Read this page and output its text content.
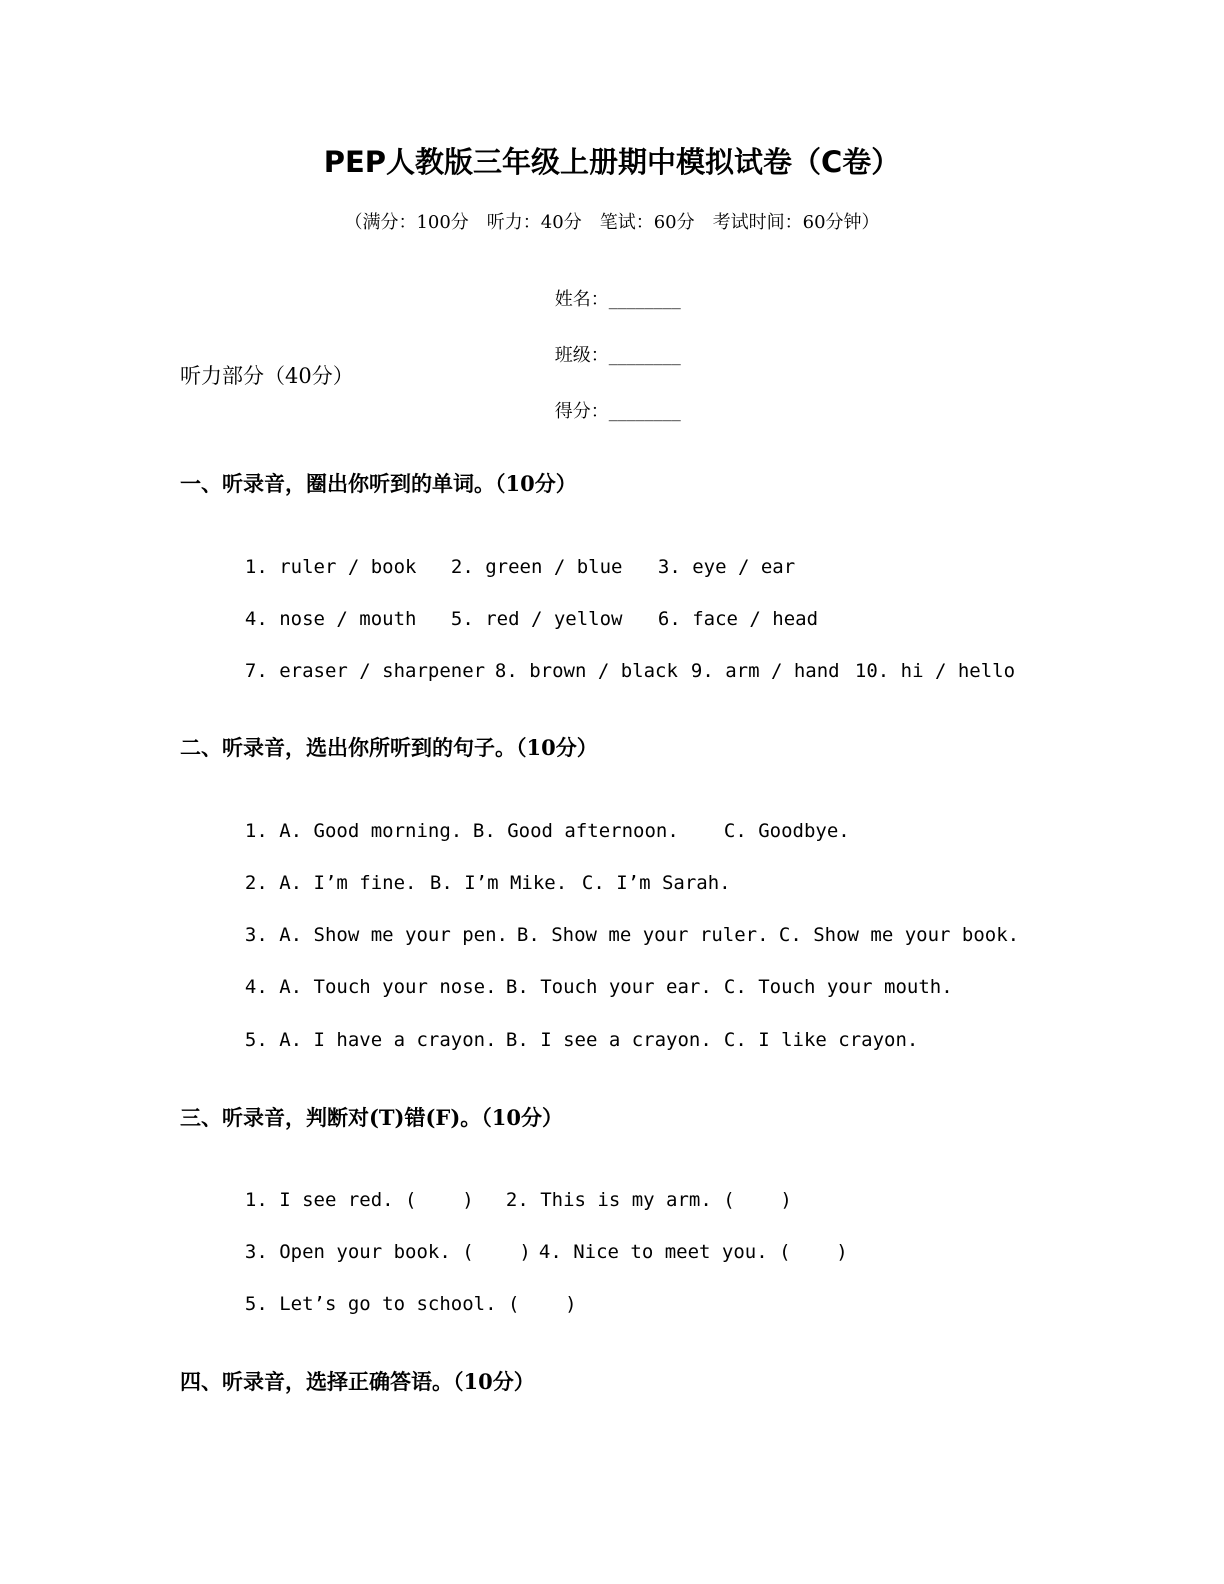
PEP人教版三年级上册期中模拟试卷（C卷）
（满分：100分　听力：40分　笔试：60分　考试时间：60分钟）

姓名：________

班级：________

得分：________

听力部分（40分）
一、听录音，圈出你听到的单词。（10分）

1. ruler / book 2. green / blue 3. eye / ear

4. nose / mouth 5. red / yellow 6. face / head

7. eraser / sharpener 8. brown / black 9. arm / hand 10. hi / hello

二、听录音，选出你所听到的句子。（10分）

1. A. Good morning. B. Good afternoon. C. Goodbye.

2. A. I’m fine. B. I’m Mike. C. I’m Sarah.

3. A. Show me your pen. B. Show me your ruler. C. Show me your book.

4. A. Touch your nose. B. Touch your ear. C. Touch your mouth.

5. A. I have a crayon. B. I see a crayon. C. I like crayon.

三、听录音，判断对(T)错(F)。（10分）

1. I see red. (    ) 2. This is my arm. (    )

3. Open your book. (    ) 4. Nice to meet you. (    )

5. Let’s go to school. (    )

四、听录音，选择正确答语。（10分）
